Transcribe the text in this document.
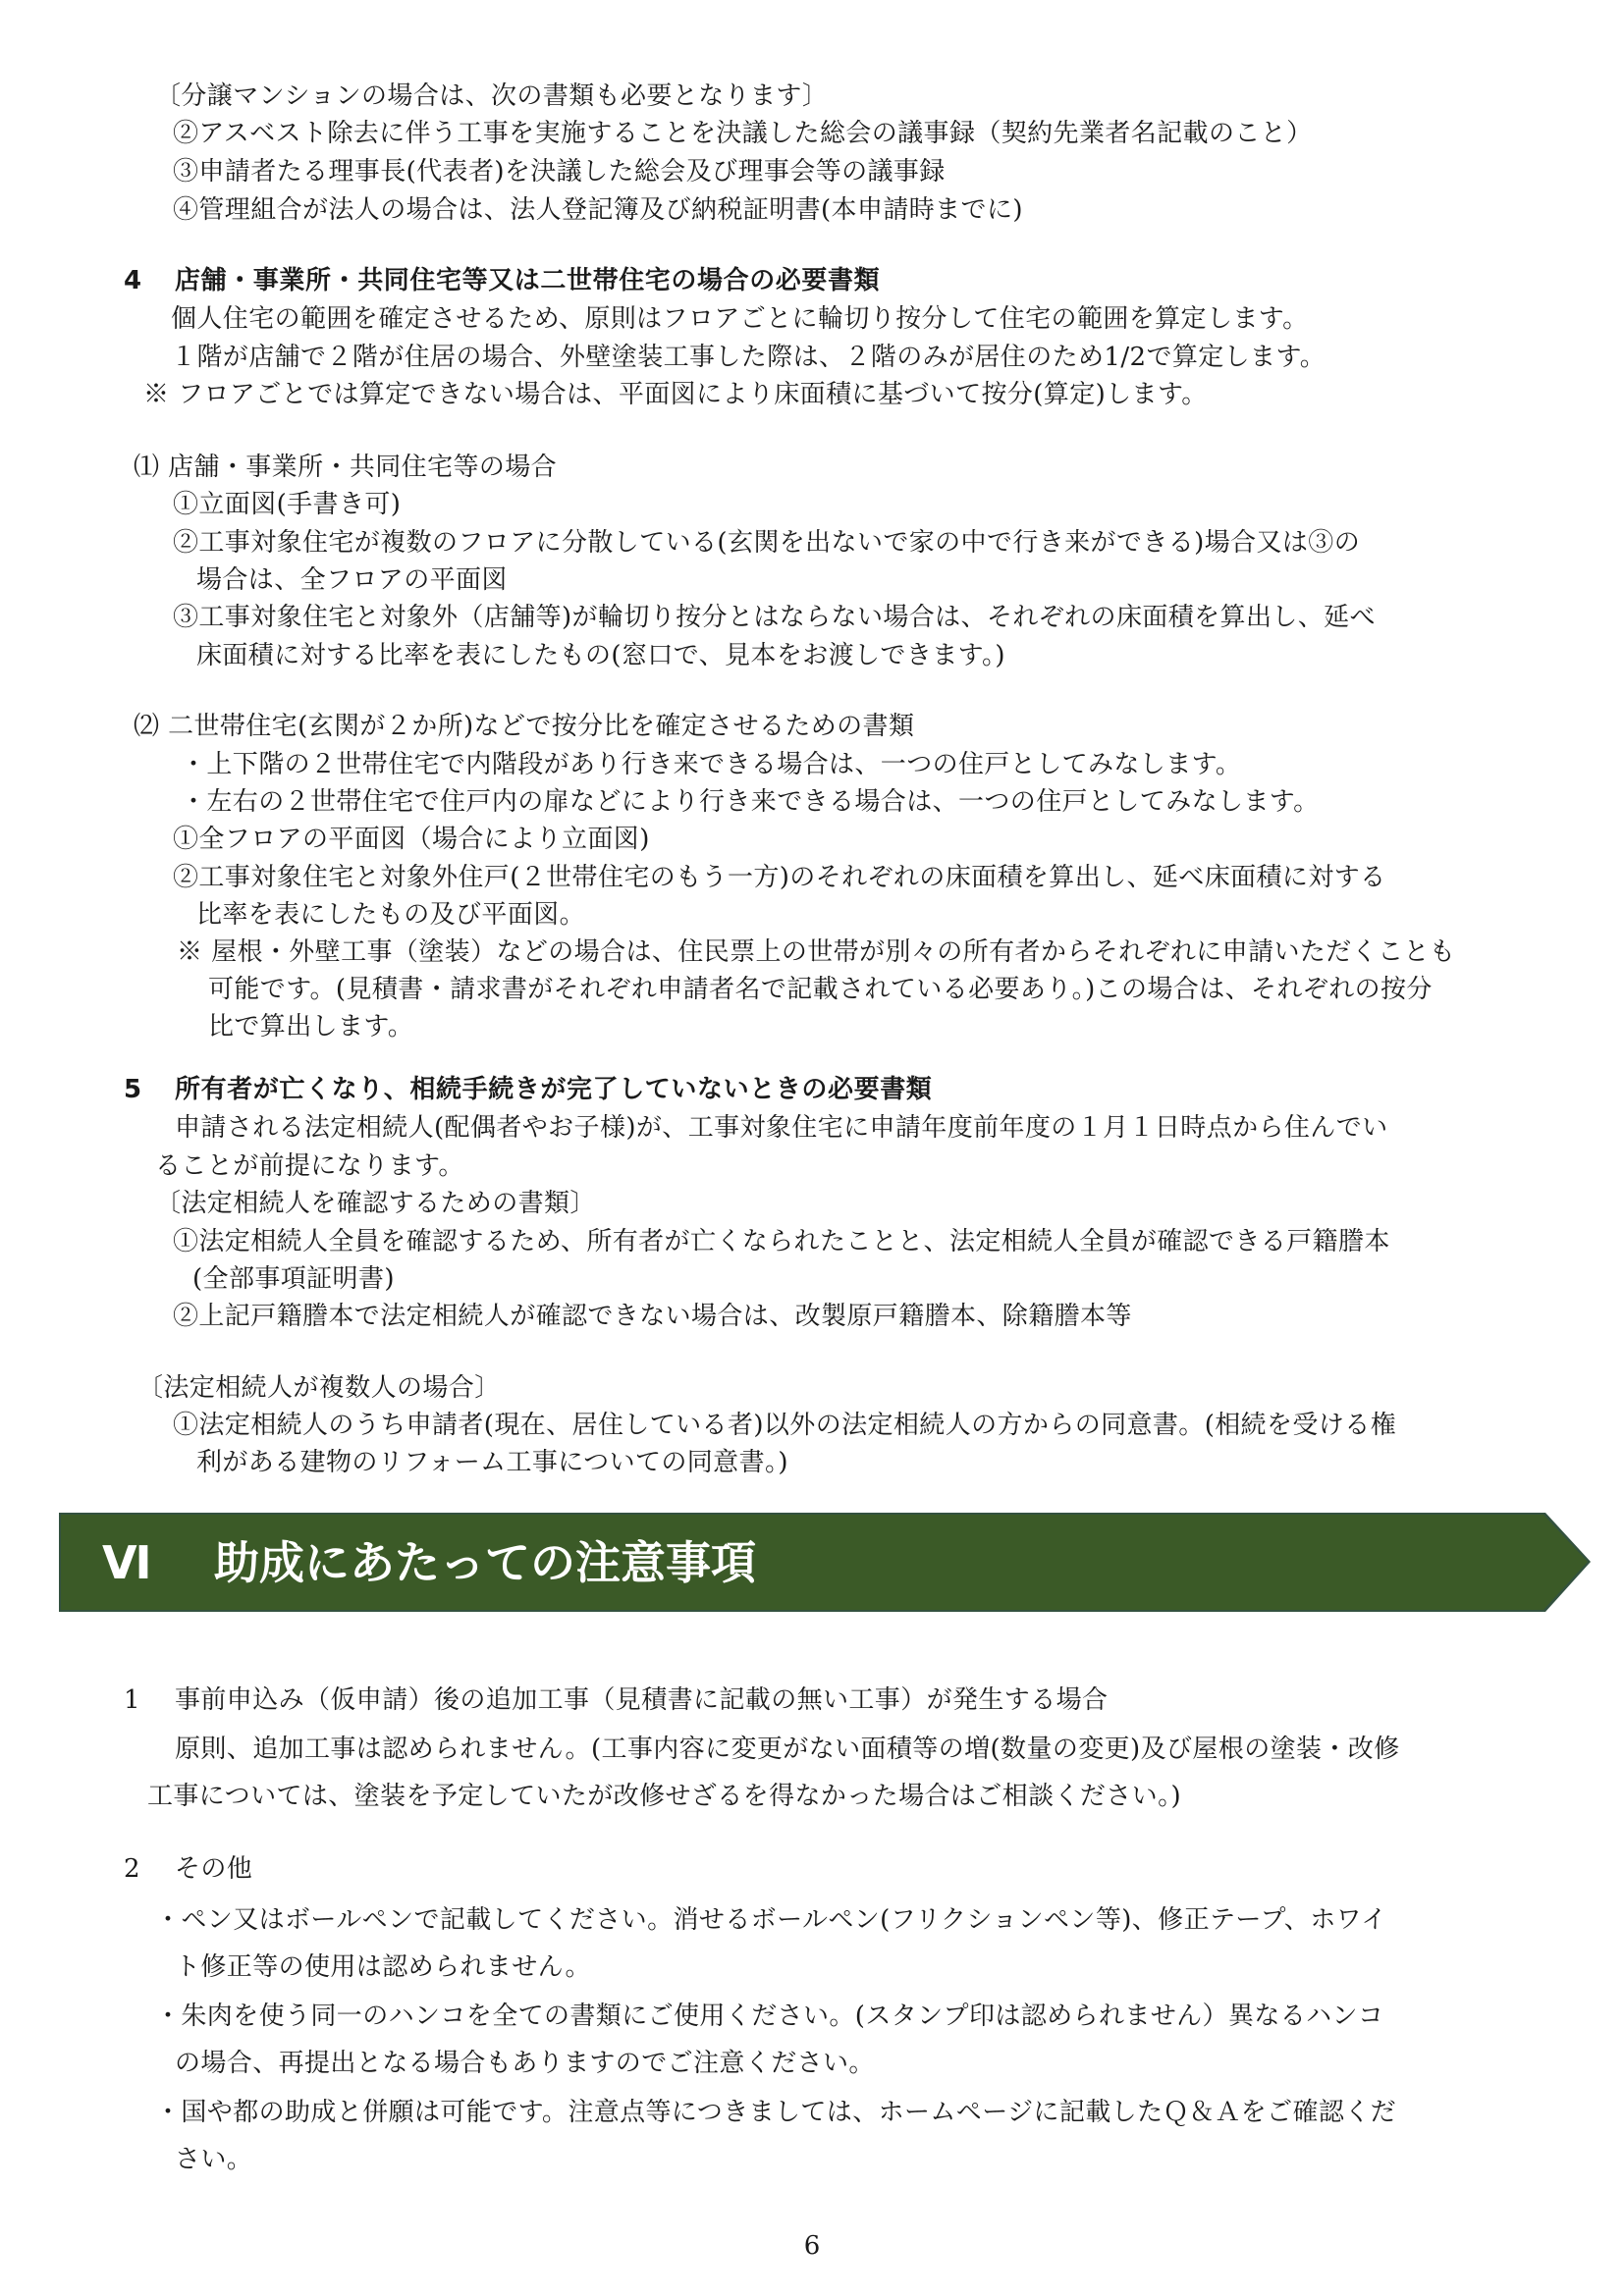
〔分譲マンションの場合は、次の書類も必要となります〕
②アスベスト除去に伴う工事を実施することを決議した総会の議事録（契約先業者名記載のこと）
③申請者たる理事長(代表者)を決議した総会及び理事会等の議事録
④管理組合が法人の場合は、法人登記簿及び納税証明書(本申請時までに)
4 店舗・事業所・共同住宅等又は二世帯住宅の場合の必要書類
個人住宅の範囲を確定させるため、原則はフロアごとに輪切り按分して住宅の範囲を算定します。
１階が店舗で２階が住居の場合、外壁塗装工事した際は、２階のみが居住のため1/2で算定します。
※ フロアごとでは算定できない場合は、平面図により床面積に基づいて按分(算定)します。
⑴ 店舗・事業所・共同住宅等の場合
①立面図(手書き可)
②工事対象住宅が複数のフロアに分散している(玄関を出ないで家の中で行き来ができる)場合又は③の
場合は、全フロアの平面図
③工事対象住宅と対象外（店舗等)が輪切り按分とはならない場合は、それぞれの床面積を算出し、延べ
床面積に対する比率を表にしたもの(窓口で、見本をお渡しできます。)
⑵ 二世帯住宅(玄関が２か所)などで按分比を確定させるための書類
・上下階の２世帯住宅で内階段があり行き来できる場合は、一つの住戸としてみなします。
・左右の２世帯住宅で住戸内の扉などにより行き来できる場合は、一つの住戸としてみなします。
①全フロアの平面図（場合により立面図)
②工事対象住宅と対象外住戸(２世帯住宅のもう一方)のそれぞれの床面積を算出し、延べ床面積に対する
比率を表にしたもの及び平面図。
※ 屋根・外壁工事（塗装）などの場合は、住民票上の世帯が別々の所有者からそれぞれに申請いただくことも
可能です。(見積書・請求書がそれぞれ申請者名で記載されている必要あり。)この場合は、それぞれの按分
比で算出します。
5 所有者が亡くなり、相続手続きが完了していないときの必要書類
申請される法定相続人(配偶者やお子様)が、工事対象住宅に申請年度前年度の１月１日時点から住んでい
ることが前提になります。
〔法定相続人を確認するための書類〕
①法定相続人全員を確認するため、所有者が亡くなられたことと、法定相続人全員が確認できる戸籍謄本
(全部事項証明書)
②上記戸籍謄本で法定相続人が確認できない場合は、改製原戸籍謄本、除籍謄本等
〔法定相続人が複数人の場合〕
①法定相続人のうち申請者(現在、居住している者)以外の法定相続人の方からの同意書。(相続を受ける権
利がある建物のリフォーム工事についての同意書。)
Ⅵ 助成にあたっての注意事項
1 事前申込み（仮申請）後の追加工事（見積書に記載の無い工事）が発生する場合
原則、追加工事は認められません。(工事内容に変更がない面積等の増(数量の変更)及び屋根の塗装・改修
工事については、塗装を予定していたが改修せざるを得なかった場合はご相談ください。)
2 その他
・ペン又はボールペンで記載してください。消せるボールペン(フリクションペン等)、修正テープ、ホワイ
ト修正等の使用は認められません。
・朱肉を使う同一のハンコを全ての書類にご使用ください。(スタンプ印は認められません）異なるハンコ
の場合、再提出となる場合もありますのでご注意ください。
・国や都の助成と併願は可能です。注意点等につきましては、ホームページに記載したＱ＆Ａをご確認くだ
さい。
6
